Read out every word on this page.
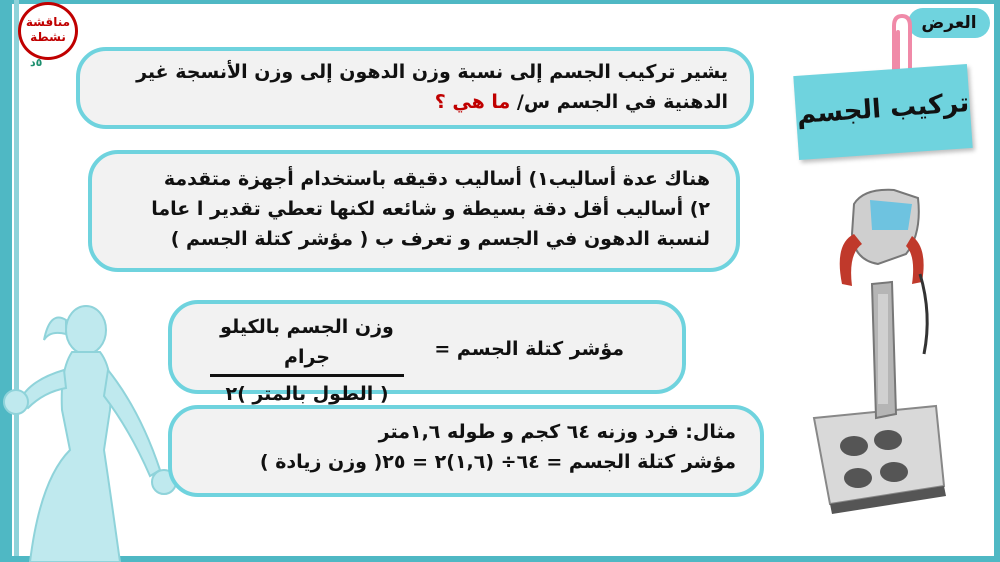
مناقشة
نشطة
٥د
العرض
تركيب الجسم
يشير تركيب الجسم إلى نسبة وزن الدهون إلى وزن الأنسجة غير
الدهنية في الجسم س/ ما هي ؟
هناك عدة أساليب١) أساليب دقيقه باستخدام أجهزة متقدمة
٢) أساليب أقل دقة بسيطة و شائعه لكنها تعطي تقدير ا عاما
لنسبة الدهون في الجسم و تعرف ب ( مؤشر كتلة الجسم )
مؤشر كتلة الجسم =
وزن الجسم بالكيلو جرام
( الطول بالمتر )٢
مثال: فرد وزنه ٦٤ كجم و طوله ١,٦متر
مؤشر كتلة الجسم = ٦٤÷ (١,٦)٢ = ٢٥( وزن زيادة )
